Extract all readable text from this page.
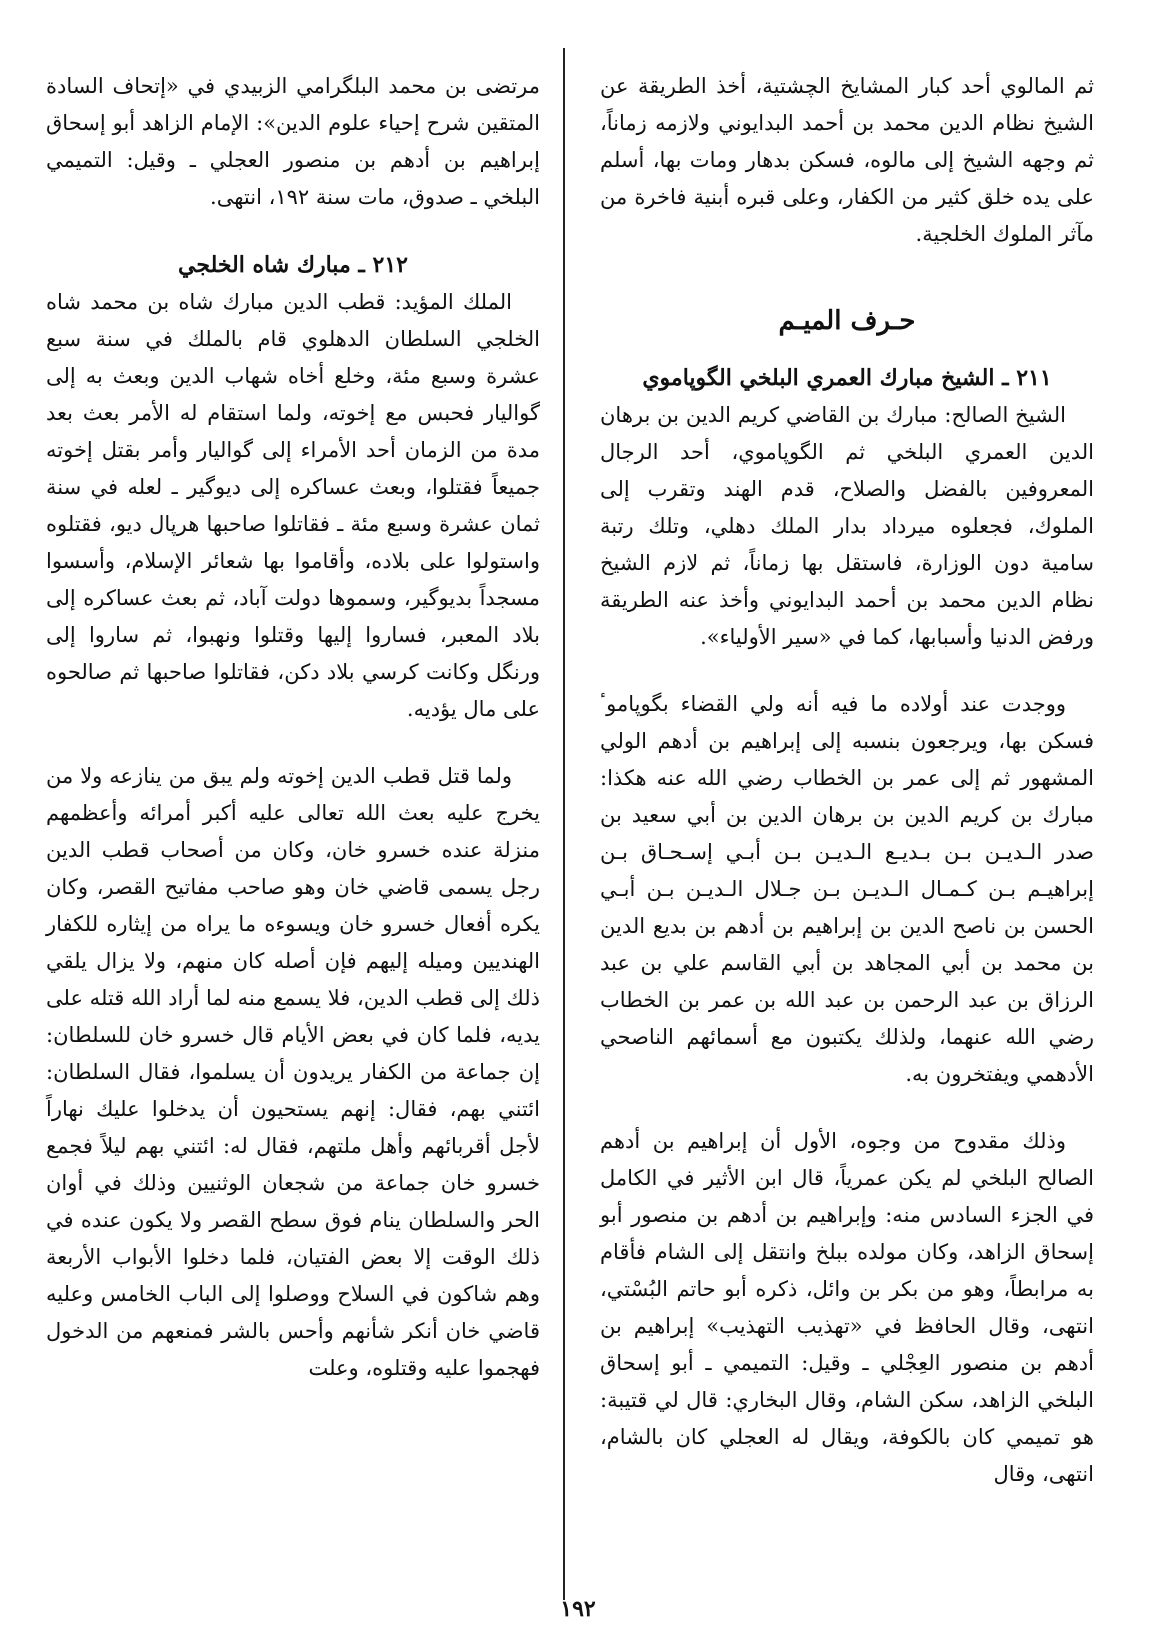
ثم المالوي أحد كبار المشايخ الچشتية، أخذ الطريقة عن الشيخ نظام الدين محمد بن أحمد البدايوني ولازمه زماناً، ثم وجهه الشيخ إلى مالوه، فسكن بدهار ومات بها، أسلم على يده خلق كثير من الكفار، وعلى قبره أبنية فاخرة من مآثر الملوك الخلجية.

حـرف الميـم

٢١١ ـ الشيخ مبارك العمري البلخي الگوپاموي

الشيخ الصالح: مبارك بن القاضي كريم الدين بن برهان الدين العمري البلخي ثم الگوپاموي، أحد الرجال المعروفين بالفضل والصلاح، قدم الهند وتقرب إلى الملوك، فجعلوه ميرداد بدار الملك دهلي، وتلك رتبة سامية دون الوزارة، فاستقل بها زماناً، ثم لازم الشيخ نظام الدين محمد بن أحمد البدايوني وأخذ عنه الطريقة ورفض الدنيا وأسبابها، كما في «سير الأولياء».

ووجدت عند أولاده ما فيه أنه ولي القضاء بگوپاموٴ فسكن بها، ويرجعون بنسبه إلى إبراهيم بن أدهم الولي المشهور ثم إلى عمر بن الخطاب رضي الله عنه هكذا: مبارك بن كريم الدين بن برهان الدين بن أبي سعيد بن صدر الـديـن بـن بـديـع الـديـن بـن أبـي إسـحـاق بـن إبراهيـم بـن كـمـال الـديـن بـن جـلال الـديـن بـن أبـي الحسن بن ناصح الدين بن إبراهيم بن أدهم بن بديع الدين بن محمد بن أبي المجاهد بن أبي القاسم علي بن عبد الرزاق بن عبد الرحمن بن عبد الله بن عمر بن الخطاب رضي الله عنهما، ولذلك يكتبون مع أسمائهم الناصحي الأدهمي ويفتخرون به.

وذلك مقدوح من وجوه، الأول أن إبراهيم بن أدهم الصالح البلخي لم يكن عمرياً، قال ابن الأثير في الكامل في الجزء السادس منه: وإبراهيم بن أدهم بن منصور أبو إسحاق الزاهد، وكان مولده ببلخ وانتقل إلى الشام فأقام به مرابطاً، وهو من بكر بن وائل، ذكره أبو حاتم البُسْتي، انتهى، وقال الحافظ في «تهذيب التهذيب» إبراهيم بن أدهم بن منصور العِجْلي ـ وقيل: التميمي ـ أبو إسحاق البلخي الزاهد، سكن الشام، وقال البخاري: قال لي قتيبة: هو تميمي كان بالكوفة، ويقال له العجلي كان بالشام، انتهى، وقال

مرتضى بن محمد البلگرامي الزبيدي في «إتحاف السادة المتقين شرح إحياء علوم الدين»: الإمام الزاهد أبو إسحاق إبراهيم بن أدهم بن منصور العجلي ـ وقيل: التميمي البلخي ـ صدوق، مات سنة ١٩٢، انتهى.

٢١٢ ـ مبارك شاه الخلجي

الملك المؤيد: قطب الدين مبارك شاه بن محمد شاه الخلجي السلطان الدهلوي قام بالملك في سنة سبع عشرة وسبع مئة، وخلع أخاه شهاب الدين وبعث به إلى گواليار فحبس مع إخوته، ولما استقام له الأمر بعث بعد مدة من الزمان أحد الأمراء إلى گواليار وأمر بقتل إخوته جميعاً فقتلوا، وبعث عساكره إلى ديوگير ـ لعله في سنة ثمان عشرة وسبع مئة ـ فقاتلوا صاحبها هرپال ديو، فقتلوه واستولوا على بلاده، وأقاموا بها شعائر الإسلام، وأسسوا مسجداً بديوگير، وسموها دولت آباد، ثم بعث عساكره إلى بلاد المعبر، فساروا إليها وقتلوا ونهبوا، ثم ساروا إلى ورنگل وكانت كرسي بلاد دكن، فقاتلوا صاحبها ثم صالحوه على مال يؤديه.

ولما قتل قطب الدين إخوته ولم يبق من ينازعه ولا من يخرج عليه بعث الله تعالى عليه أكبر أمرائه وأعظمهم منزلة عنده خسرو خان، وكان من أصحاب قطب الدين رجل يسمى قاضي خان وهو صاحب مفاتيح القصر، وكان يكره أفعال خسرو خان ويسوءه ما يراه من إيثاره للكفار الهنديين وميله إليهم فإن أصله كان منهم، ولا يزال يلقي ذلك إلى قطب الدين، فلا يسمع منه لما أراد الله قتله على يديه، فلما كان في بعض الأيام قال خسرو خان للسلطان: إن جماعة من الكفار يريدون أن يسلموا، فقال السلطان: ائتني بهم، فقال: إنهم يستحيون أن يدخلوا عليك نهاراً لأجل أقربائهم وأهل ملتهم، فقال له: ائتني بهم ليلاً فجمع خسرو خان جماعة من شجعان الوثنيين وذلك في أوان الحر والسلطان ينام فوق سطح القصر ولا يكون عنده في ذلك الوقت إلا بعض الفتيان، فلما دخلوا الأبواب الأربعة وهم شاكون في السلاح ووصلوا إلى الباب الخامس وعليه قاضي خان أنكر شأنهم وأحس بالشر فمنعهم من الدخول فهجموا عليه وقتلوه، وعلت

١٩٢
